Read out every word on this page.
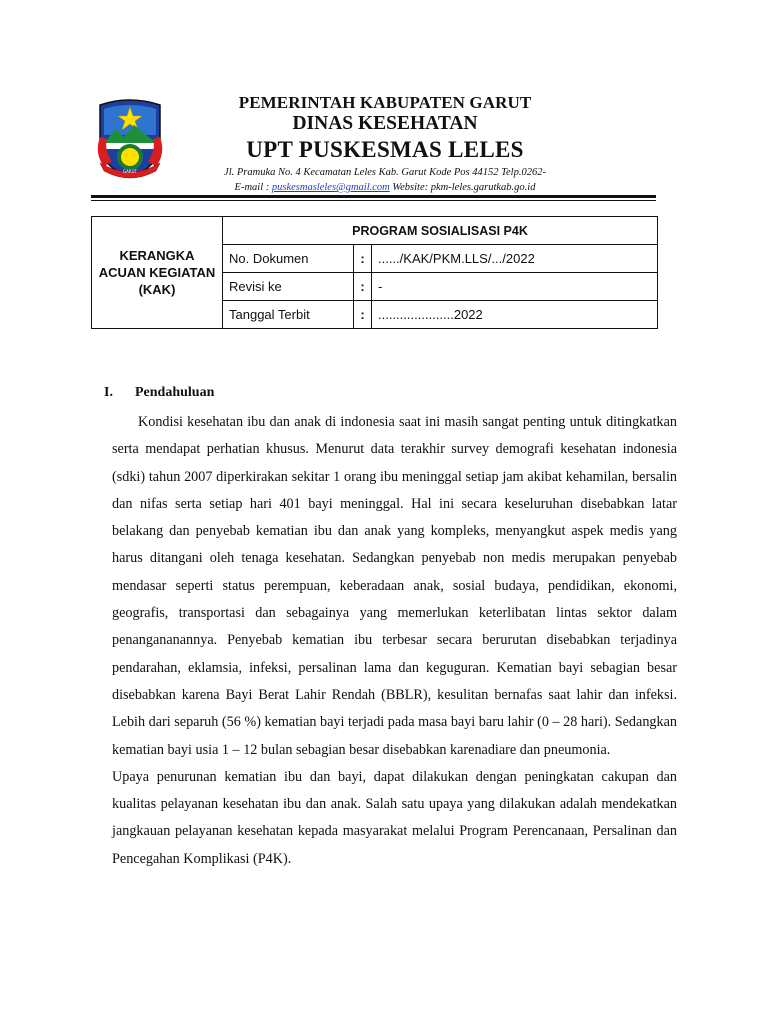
GARUT
PEMERINTAH KABUPATEN GARUT
DINAS KESEHATAN
UPT PUSKESMAS LELES
Jl. Pramuka No. 4 Kecamatan Leles Kab. Garut Kode Pos 44152 Telp.0262-
E-mail : puskesmasleles@gmail.com Website: pkm-leles.garutkab.go.id
KERANGKA ACUAN KEGIATAN (KAK)	PROGRAM SOSIALISASI P4K		
	No. Dokumen	:	....../KAK/PKM.LLS/.../2022
	Revisi ke	:	-
	Tanggal Terbit	:	.....................2022
I. Pendahuluan

Kondisi kesehatan ibu dan anak di indonesia saat ini masih sangat penting untuk ditingkatkan serta mendapat perhatian khusus. Menurut data terakhir survey demografi kesehatan indonesia (sdki) tahun 2007 diperkirakan sekitar 1 orang ibu meninggal setiap jam akibat kehamilan, bersalin dan nifas serta setiap hari 401 bayi meninggal. Hal ini secara keseluruhan disebabkan latar belakang dan penyebab kematian ibu dan anak yang kompleks, menyangkut aspek medis yang harus ditangani oleh tenaga kesehatan. Sedangkan penyebab non medis merupakan penyebab mendasar seperti status perempuan, keberadaan anak, sosial budaya, pendidikan, ekonomi, geografis, transportasi dan sebagainya yang memerlukan keterlibatan lintas sektor dalam penangananannya. Penyebab kematian ibu terbesar secara berurutan disebabkan terjadinya pendarahan, eklamsia, infeksi, persalinan lama dan keguguran. Kematian bayi sebagian besar disebabkan karena Bayi Berat Lahir Rendah (BBLR), kesulitan bernafas saat lahir dan infeksi. Lebih dari separuh (56 %) kematian bayi terjadi pada masa bayi baru lahir (0 – 28 hari). Sedangkan kematian bayi usia 1 – 12 bulan sebagian besar disebabkan karenadiare dan pneumonia.

Upaya penurunan kematian ibu dan bayi, dapat dilakukan dengan peningkatan cakupan dan kualitas pelayanan kesehatan ibu dan anak. Salah satu upaya yang dilakukan adalah mendekatkan jangkauan pelayanan kesehatan kepada masyarakat melalui Program Perencanaan, Persalinan dan Pencegahan Komplikasi (P4K).
